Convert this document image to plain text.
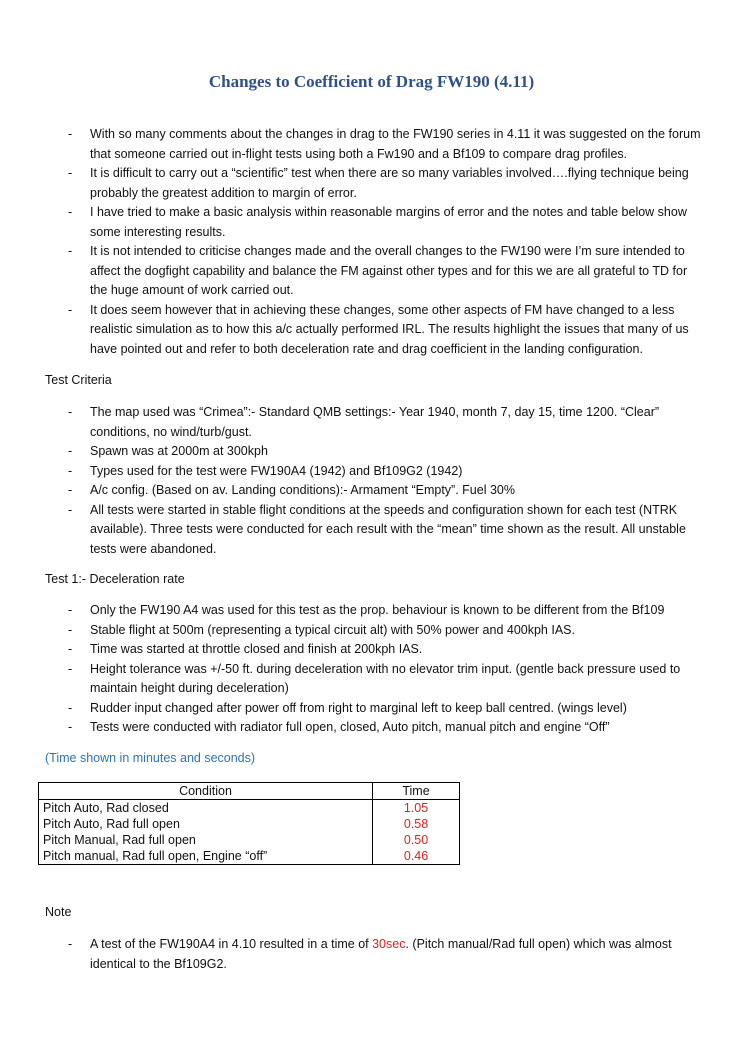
Changes to Coefficient of Drag FW190 (4.11)
- With so many comments about the changes in drag to the FW190 series in 4.11 it was suggested on the forum that someone carried out in-flight tests using both a Fw190 and a Bf109 to compare drag profiles.
- It is difficult to carry out a “scientific” test when there are so many variables involved….flying technique being probably the greatest addition to margin of error.
- I have tried to make a basic analysis within reasonable margins of error and the notes and table below show some interesting results.
- It is not intended to criticise changes made and the overall changes to the FW190 were I’m sure intended to affect the dogfight capability and balance the FM against other types and for this we are all grateful to TD for the huge amount of work carried out.
- It does seem however that in achieving these changes, some other aspects of FM have changed to a less realistic simulation as to how this a/c actually performed IRL. The results highlight the issues that many of us have pointed out and refer to both deceleration rate and drag coefficient in the landing configuration.
Test Criteria
- The map used was “Crimea”:- Standard QMB settings:- Year 1940, month 7, day 15, time 1200. “Clear” conditions, no wind/turb/gust.
- Spawn was at 2000m at 300kph
- Types used for the test were FW190A4 (1942) and Bf109G2 (1942)
- A/c config. (Based on av. Landing conditions):- Armament “Empty”. Fuel 30%
- All tests were started in stable flight conditions at the speeds and configuration shown for each test (NTRK available). Three tests were conducted for each result with the “mean” time shown as the result. All unstable tests were abandoned.
Test 1:- Deceleration rate
- Only the FW190 A4 was used for this test as the prop. behaviour is known to be different from the Bf109
- Stable flight at 500m (representing a typical circuit alt) with 50% power and 400kph IAS.
- Time was started at throttle closed and finish at 200kph IAS.
- Height tolerance was +/-50 ft. during deceleration with no elevator trim input. (gentle back pressure used to maintain height during deceleration)
- Rudder input changed after power off from right to marginal left to keep ball centred. (wings level)
- Tests were conducted with radiator full open, closed, Auto pitch, manual pitch and engine “Off”
(Time shown in minutes and seconds)
Condition	Time
Pitch Auto, Rad closed	1.05
Pitch Auto, Rad full open	0.58
Pitch Manual, Rad full open	0.50
Pitch manual, Rad full open, Engine “off”	0.46
Note
- A test of the FW190A4 in 4.10 resulted in a time of 30sec. (Pitch manual/Rad full open) which was almost identical to the Bf109G2.
